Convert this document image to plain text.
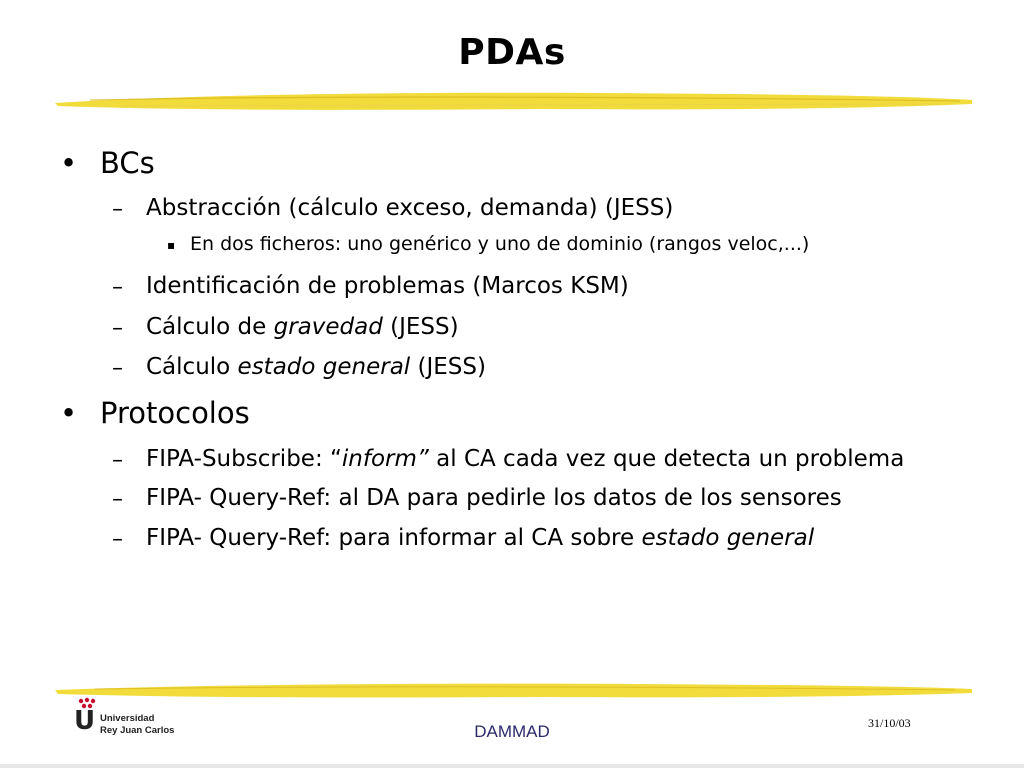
PDAs
• BCs
– Abstracción (cálculo exceso, demanda) (JESS)
▪ En dos ficheros: uno genérico y uno de dominio (rangos veloc,...)
– Identificación de problemas (Marcos KSM)
– Cálculo de gravedad (JESS)
– Cálculo estado general (JESS)
• Protocolos
– FIPA-Subscribe: “inform” al CA cada vez que detecta un problema
– FIPA- Query-Ref: al DA para pedirle los datos de los sensores
– FIPA- Query-Ref: para informar al CA sobre estado general
U Universidad
Rey Juan Carlos	DAMMAD	31/10/03
